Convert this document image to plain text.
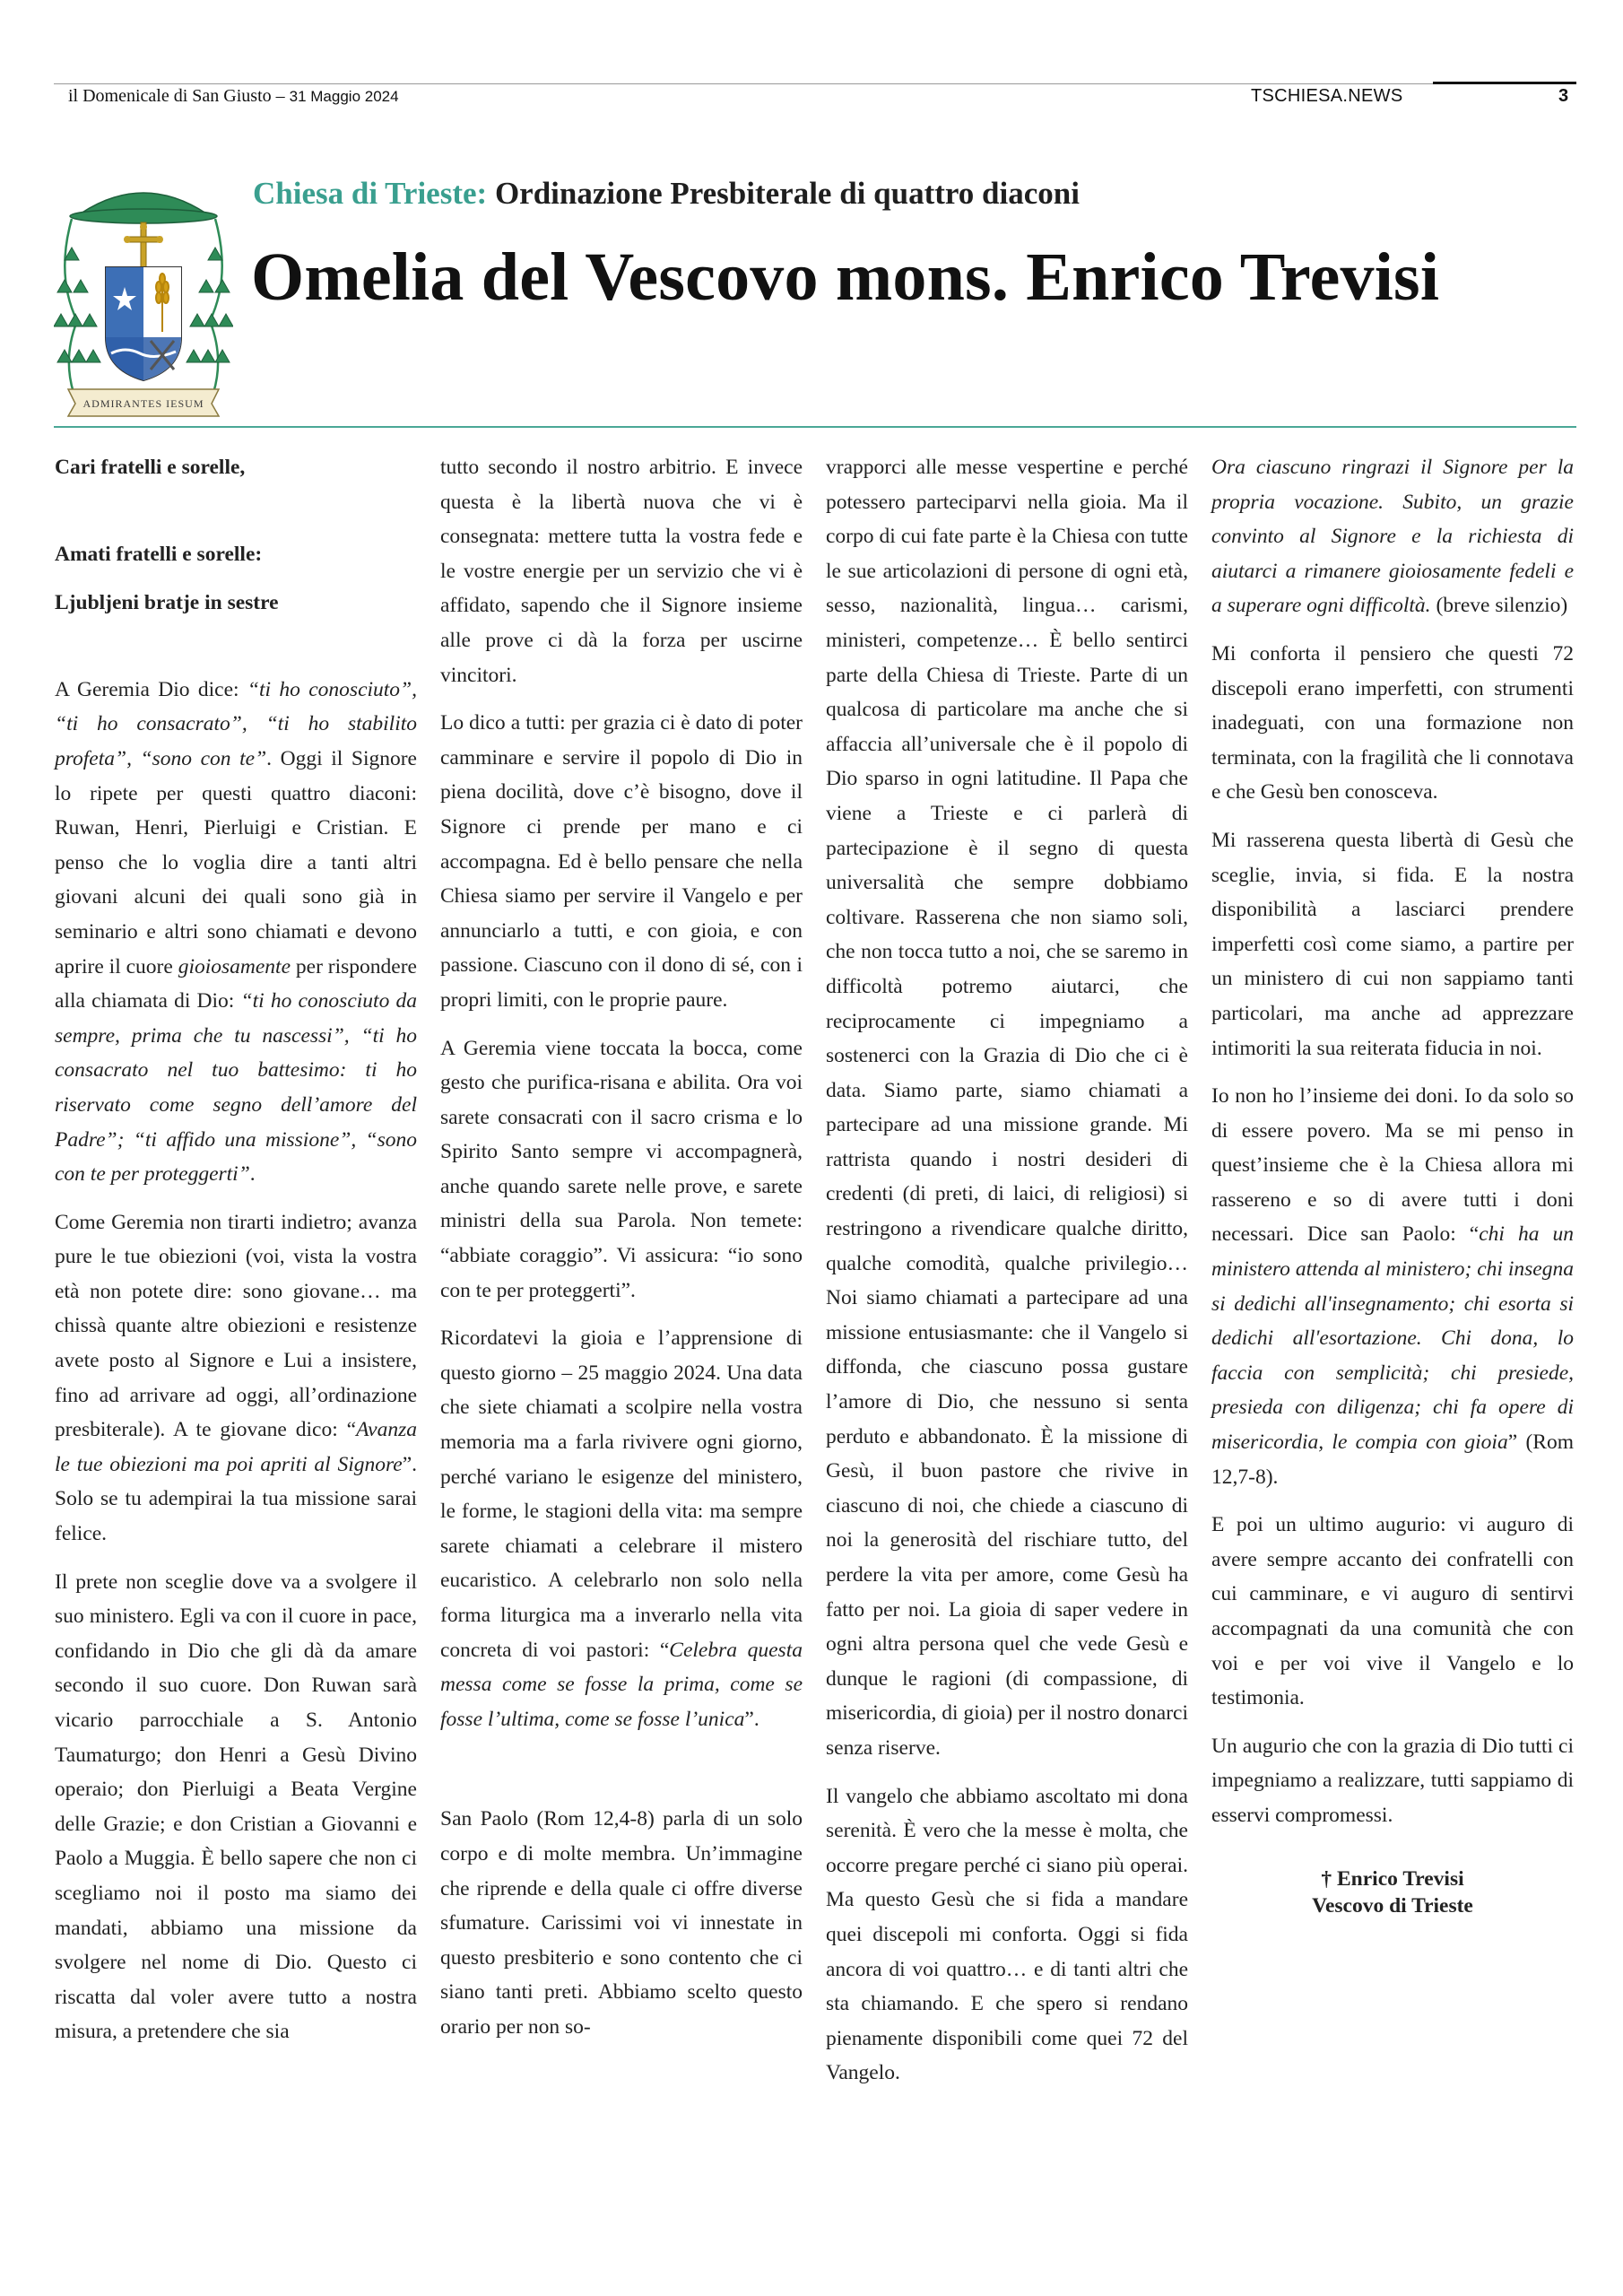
il Domenicale di San Giusto – 31 Maggio 2024	TSCHIESA.NEWS	3
ADMIRANTES IESUM
Chiesa di Trieste: Ordinazione Presbiterale di quattro diaconi
Omelia del Vescovo mons. Enrico Trevisi

Cari fratelli e sorelle,

Amati fratelli e sorelle:

Ljubljeni bratje in sestre

A Geremia Dio dice: “ti ho conosciuto”, “ti ho consacrato”, “ti ho stabilito profeta”, “sono con te”. Oggi il Signore lo ripete per questi quattro diaconi: Ruwan, Henri, Pierluigi e Cristian. E penso che lo voglia dire a tanti altri giovani alcuni dei quali sono già in seminario e altri sono chiamati e devono aprire il cuore gioiosamente per rispondere alla chiamata di Dio: “ti ho conosciuto da sempre, prima che tu nascessi”, “ti ho consacrato nel tuo battesimo: ti ho riservato come segno dell’amore del Padre”; “ti affido una missione”, “sono con te per proteggerti”.

Come Geremia non tirarti indietro; avanza pure le tue obiezioni (voi, vista la vostra età non potete dire: sono giovane… ma chissà quante altre obiezioni e resistenze avete posto al Signore e Lui a insistere, fino ad arrivare ad oggi, all’ordinazione presbiterale). A te giovane dico: “Avanza le tue obiezioni ma poi apriti al Signore”. Solo se tu adempirai la tua missione sarai felice.

Il prete non sceglie dove va a svolgere il suo ministero. Egli va con il cuore in pace, confidando in Dio che gli dà da amare secondo il suo cuore. Don Ruwan sarà vicario parrocchiale a S. Antonio Taumaturgo; don Henri a Gesù Divino operaio; don Pierluigi a Beata Vergine delle Grazie; e don Cristian a Giovanni e Paolo a Muggia. È bello sapere che non ci scegliamo noi il posto ma siamo dei mandati, abbiamo una missione da svolgere nel nome di Dio. Questo ci riscatta dal voler avere tutto a nostra misura, a pretendere che sia

tutto secondo il nostro arbitrio. E invece questa è la libertà nuova che vi è consegnata: mettere tutta la vostra fede e le vostre energie per un servizio che vi è affidato, sapendo che il Signore insieme alle prove ci dà la forza per uscirne vincitori.

Lo dico a tutti: per grazia ci è dato di poter camminare e servire il popolo di Dio in piena docilità, dove c’è bisogno, dove il Signore ci prende per mano e ci accompagna. Ed è bello pensare che nella Chiesa siamo per servire il Vangelo e per annunciarlo a tutti, e con gioia, e con passione. Ciascuno con il dono di sé, con i propri limiti, con le proprie paure.

A Geremia viene toccata la bocca, come gesto che purifica-risana e abilita. Ora voi sarete consacrati con il sacro crisma e lo Spirito Santo sempre vi accompagnerà, anche quando sarete nelle prove, e sarete ministri della sua Parola. Non temete: “abbiate coraggio”. Vi assicura: “io sono con te per proteggerti”.

Ricordatevi la gioia e l’apprensione di questo giorno – 25 maggio 2024. Una data che siete chiamati a scolpire nella vostra memoria ma a farla rivivere ogni giorno, perché variano le esigenze del ministero, le forme, le stagioni della vita: ma sempre sarete chiamati a celebrare il mistero eucaristico. A celebrarlo non solo nella forma liturgica ma a inverarlo nella vita concreta di voi pastori: “Celebra questa messa come se fosse la prima, come se fosse l’ultima, come se fosse l’unica”.

San Paolo (Rom 12,4-8) parla di un solo corpo e di molte membra. Un’immagine che riprende e della quale ci offre diverse sfumature. Carissimi voi vi innestate in questo presbiterio e sono contento che ci siano tanti preti. Abbiamo scelto questo orario per non so-

vrapporci alle messe vespertine e perché potessero parteciparvi nella gioia. Ma il corpo di cui fate parte è la Chiesa con tutte le sue articolazioni di persone di ogni età, sesso, nazionalità, lingua… carismi, ministeri, competenze… È bello sentirci parte della Chiesa di Trieste. Parte di un qualcosa di particolare ma anche che si affaccia all’universale che è il popolo di Dio sparso in ogni latitudine. Il Papa che viene a Trieste e ci parlerà di partecipazione è il segno di questa universalità che sempre dobbiamo coltivare. Rasserena che non siamo soli, che non tocca tutto a noi, che se saremo in difficoltà potremo aiutarci, che reciprocamente ci impegniamo a sostenerci con la Grazia di Dio che ci è data. Siamo parte, siamo chiamati a partecipare ad una missione grande. Mi rattrista quando i nostri desideri di credenti (di preti, di laici, di religiosi) si restringono a rivendicare qualche diritto, qualche comodità, qualche privilegio… Noi siamo chiamati a partecipare ad una missione entusiasmante: che il Vangelo si diffonda, che ciascuno possa gustare l’amore di Dio, che nessuno si senta perduto e abbandonato. È la missione di Gesù, il buon pastore che rivive in ciascuno di noi, che chiede a ciascuno di noi la generosità del rischiare tutto, del perdere la vita per amore, come Gesù ha fatto per noi. La gioia di saper vedere in ogni altra persona quel che vede Gesù e dunque le ragioni (di compassione, di misericordia, di gioia) per il nostro donarci senza riserve.

Il vangelo che abbiamo ascoltato mi dona serenità. È vero che la messe è molta, che occorre pregare perché ci siano più operai. Ma questo Gesù che si fida a mandare quei discepoli mi conforta. Oggi si fida ancora di voi quattro… e di tanti altri che sta chiamando. E che spero si rendano pienamente disponibili come quei 72 del Vangelo.

Ora ciascuno ringrazi il Signore per la propria vocazione. Subito, un grazie convinto al Signore e la richiesta di aiutarci a rimanere gioiosamente fedeli e a superare ogni difficoltà. (breve silenzio)

Mi conforta il pensiero che questi 72 discepoli erano imperfetti, con strumenti inadeguati, con una formazione non terminata, con la fragilità che li connotava e che Gesù ben conosceva.

Mi rasserena questa libertà di Gesù che sceglie, invia, si fida. E la nostra disponibilità a lasciarci prendere imperfetti così come siamo, a partire per un ministero di cui non sappiamo tanti particolari, ma anche ad apprezzare intimoriti la sua reiterata fiducia in noi.

Io non ho l’insieme dei doni. Io da solo so di essere povero. Ma se mi penso in quest’insieme che è la Chiesa allora mi rasserenо e so di avere tutti i doni necessari. Dice san Paolo: “chi ha un ministero attenda al ministero; chi insegna si dedichi all'insegnamento; chi esorta si dedichi all'esortazione. Chi dona, lo faccia con semplicità; chi presiede, presieda con diligenza; chi fa opere di misericordia, le compia con gioia” (Rom 12,7-8).

E poi un ultimo augurio: vi auguro di avere sempre accanto dei confratelli con cui camminare, e vi auguro di sentirvi accompagnati da una comunità che con voi e per voi vive il Vangelo e lo testimonia.

Un augurio che con la grazia di Dio tutti ci impegniamo a realizzare, tutti sappiamo di esservi compromessi.

† Enrico Trevisi
Vescovo di Trieste
